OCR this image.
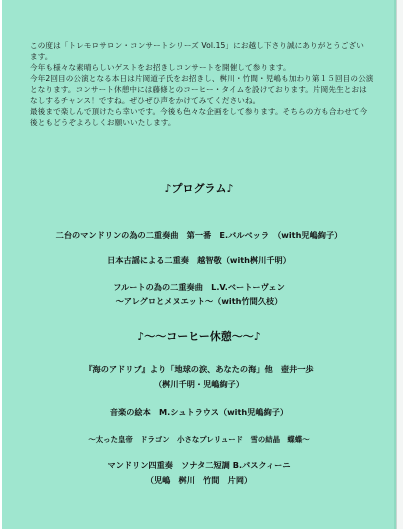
この度は「トレモロサロン・コンサートシリーズ Vol.15」にお越し下さり誠にありがとうござい

ます。

今年も様々な素晴らしいゲストをお招きしコンサートを開催して参ります。

今年2回目の公演となる本日は片岡道子氏をお招きし、桝川・竹間・児嶋も加わり第１５回目の公演

となります。コンサート休憩中には藤條とのコーヒー・タイムを設けております。片岡先生とおは

なしするチャンス！ですね。ぜひぜひ声をかけてみてくださいね。

最後まで楽しんで頂けたら幸いです。今後も色々な企画をして参ります。そちらの方も合わせて今

後ともどうぞよろしくお願いいたします。

♪プログラム♪
二台のマンドリンの為の二重奏曲　第一番　E.バルベッラ　（with児嶋絢子）
日本古謡による二重奏　越智敬（with桝川千明）
フルートの為の二重奏曲　L.V.ベートーヴェン
～アレグロとメヌエット～（with竹間久枝）
♪～～コーヒー休憩～～♪
『海のアドリブ』より「地球の涙、あなたの海」他　壺井一歩
（桝川千明・児嶋絢子）
音楽の絵本　M.シュトラウス（with児嶋絢子）
～太った皇帝　ドラゴン　小さなプレリュード　雪の結晶　蝶蝶～
マンドリン四重奏　ソナタ二短調 B.パスクィーニ
（児嶋　桝川　竹間　片岡）
